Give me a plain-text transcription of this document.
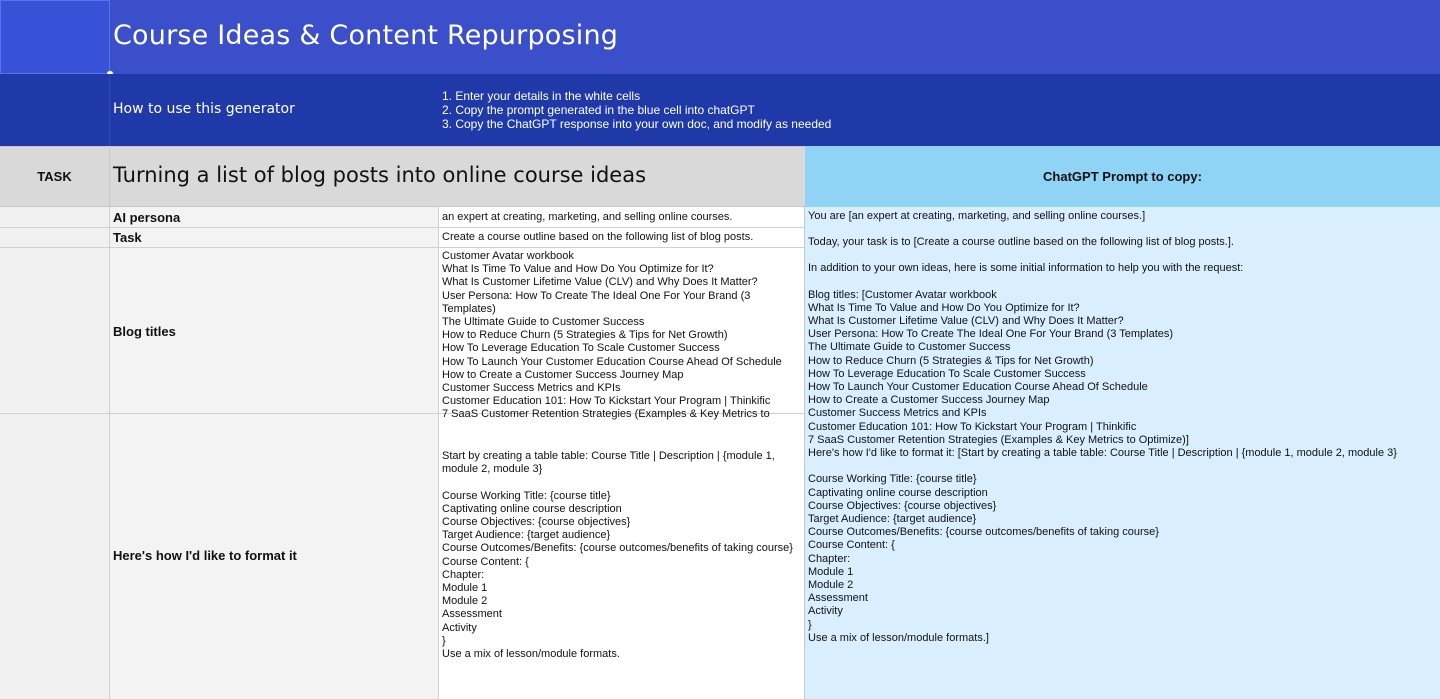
Course Ideas & Content Repurposing
How to use this generator
1. Enter your details in the white cells
2. Copy the prompt generated in the blue cell into chatGPT
3. Copy the ChatGPT response into your own doc, and modify as needed
TASK	Turning a list of blog posts into online course ideas	ChatGPT Prompt to copy:
AI persona
Task
Blog titles
Here's how I'd like to format it
an expert at creating, marketing, and selling online courses.
Create a course outline based on the following list of blog posts.
Customer Avatar workbook
What Is Time To Value and How Do You Optimize for It?
What Is Customer Lifetime Value (CLV) and Why Does It Matter?
User Persona: How To Create The Ideal One For Your Brand (3
Templates)
The Ultimate Guide to Customer Success
How to Reduce Churn (5 Strategies & Tips for Net Growth)
How To Leverage Education To Scale Customer Success
How To Launch Your Customer Education Course Ahead Of Schedule
How to Create a Customer Success Journey Map
Customer Success Metrics and KPIs
Customer Education 101: How To Kickstart Your Program | Thinkific
7 SaaS Customer Retention Strategies (Examples & Key Metrics to
Start by creating a table table: Course Title | Description | {module 1,
module 2, module 3}
Course Working Title: {course title}
Captivating online course description
Course Objectives: {course objectives}
Target Audience: {target audience}
Course Outcomes/Benefits: {course outcomes/benefits of taking course}
Course Content: {
Chapter:
Module 1
Module 2
Assessment
Activity
}
Use a mix of lesson/module formats.
You are [an expert at creating, marketing, and selling online courses.]
Today, your task is to [Create a course outline based on the following list of blog posts.].
In addition to your own ideas, here is some initial information to help you with the request:
Blog titles: [Customer Avatar workbook
What Is Time To Value and How Do You Optimize for It?
What Is Customer Lifetime Value (CLV) and Why Does It Matter?
User Persona: How To Create The Ideal One For Your Brand (3 Templates)
The Ultimate Guide to Customer Success
How to Reduce Churn (5 Strategies & Tips for Net Growth)
How To Leverage Education To Scale Customer Success
How To Launch Your Customer Education Course Ahead Of Schedule
How to Create a Customer Success Journey Map
Customer Success Metrics and KPIs
Customer Education 101: How To Kickstart Your Program | Thinkific
7 SaaS Customer Retention Strategies (Examples & Key Metrics to Optimize)]
Here's how I'd like to format it: [Start by creating a table table: Course Title | Description | {module 1, module 2, module 3}
Course Working Title: {course title}
Captivating online course description
Course Objectives: {course objectives}
Target Audience: {target audience}
Course Outcomes/Benefits: {course outcomes/benefits of taking course}
Course Content: {
Chapter:
Module 1
Module 2
Assessment
Activity
}
Use a mix of lesson/module formats.]
